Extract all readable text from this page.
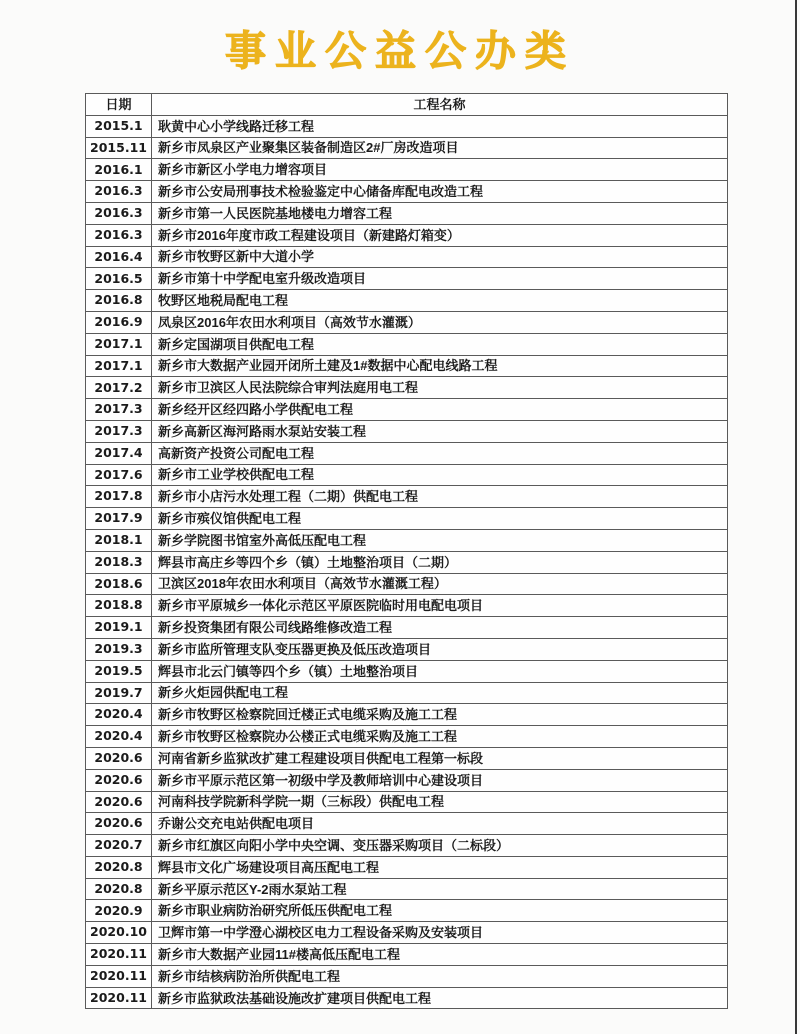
事业公益公办类
日期	工程名称
2015.1	耿黄中心小学线路迁移工程
2015.11	新乡市凤泉区产业聚集区装备制造区2#厂房改造项目
2016.1	新乡市新区小学电力增容项目
2016.3	新乡市公安局刑事技术检验鉴定中心储备库配电改造工程
2016.3	新乡市第一人民医院基地楼电力增容工程
2016.3	新乡市2016年度市政工程建设项目（新建路灯箱变）
2016.4	新乡市牧野区新中大道小学
2016.5	新乡市第十中学配电室升级改造项目
2016.8	牧野区地税局配电工程
2016.9	凤泉区2016年农田水利项目（高效节水灌溉）
2017.1	新乡定国湖项目供配电工程
2017.1	新乡市大数据产业园开闭所土建及1#数据中心配电线路工程
2017.2	新乡市卫滨区人民法院综合审判法庭用电工程
2017.3	新乡经开区经四路小学供配电工程
2017.3	新乡高新区海河路雨水泵站安装工程
2017.4	高新资产投资公司配电工程
2017.6	新乡市工业学校供配电工程
2017.8	新乡市小店污水处理工程（二期）供配电工程
2017.9	新乡市殡仪馆供配电工程
2018.1	新乡学院图书馆室外高低压配电工程
2018.3	辉县市高庄乡等四个乡（镇）土地整治项目（二期）
2018.6	卫滨区2018年农田水利项目（高效节水灌溉工程）
2018.8	新乡市平原城乡一体化示范区平原医院临时用电配电项目
2019.1	新乡投资集团有限公司线路维修改造工程
2019.3	新乡市监所管理支队变压器更换及低压改造项目
2019.5	辉县市北云门镇等四个乡（镇）土地整治项目
2019.7	新乡火炬园供配电工程
2020.4	新乡市牧野区检察院回迁楼正式电缆采购及施工工程
2020.4	新乡市牧野区检察院办公楼正式电缆采购及施工工程
2020.6	河南省新乡监狱改扩建工程建设项目供配电工程第一标段
2020.6	新乡市平原示范区第一初级中学及教师培训中心建设项目
2020.6	河南科技学院新科学院一期（三标段）供配电工程
2020.6	乔谢公交充电站供配电项目
2020.7	新乡市红旗区向阳小学中央空调、变压器采购项目（二标段）
2020.8	辉县市文化广场建设项目高压配电工程
2020.8	新乡平原示范区Y-2雨水泵站工程
2020.9	新乡市职业病防治研究所低压供配电工程
2020.10	卫辉市第一中学澄心湖校区电力工程设备采购及安装项目
2020.11	新乡市大数据产业园11#楼高低压配电工程
2020.11	新乡市结核病防治所供配电工程
2020.11	新乡市监狱政法基础设施改扩建项目供配电工程
